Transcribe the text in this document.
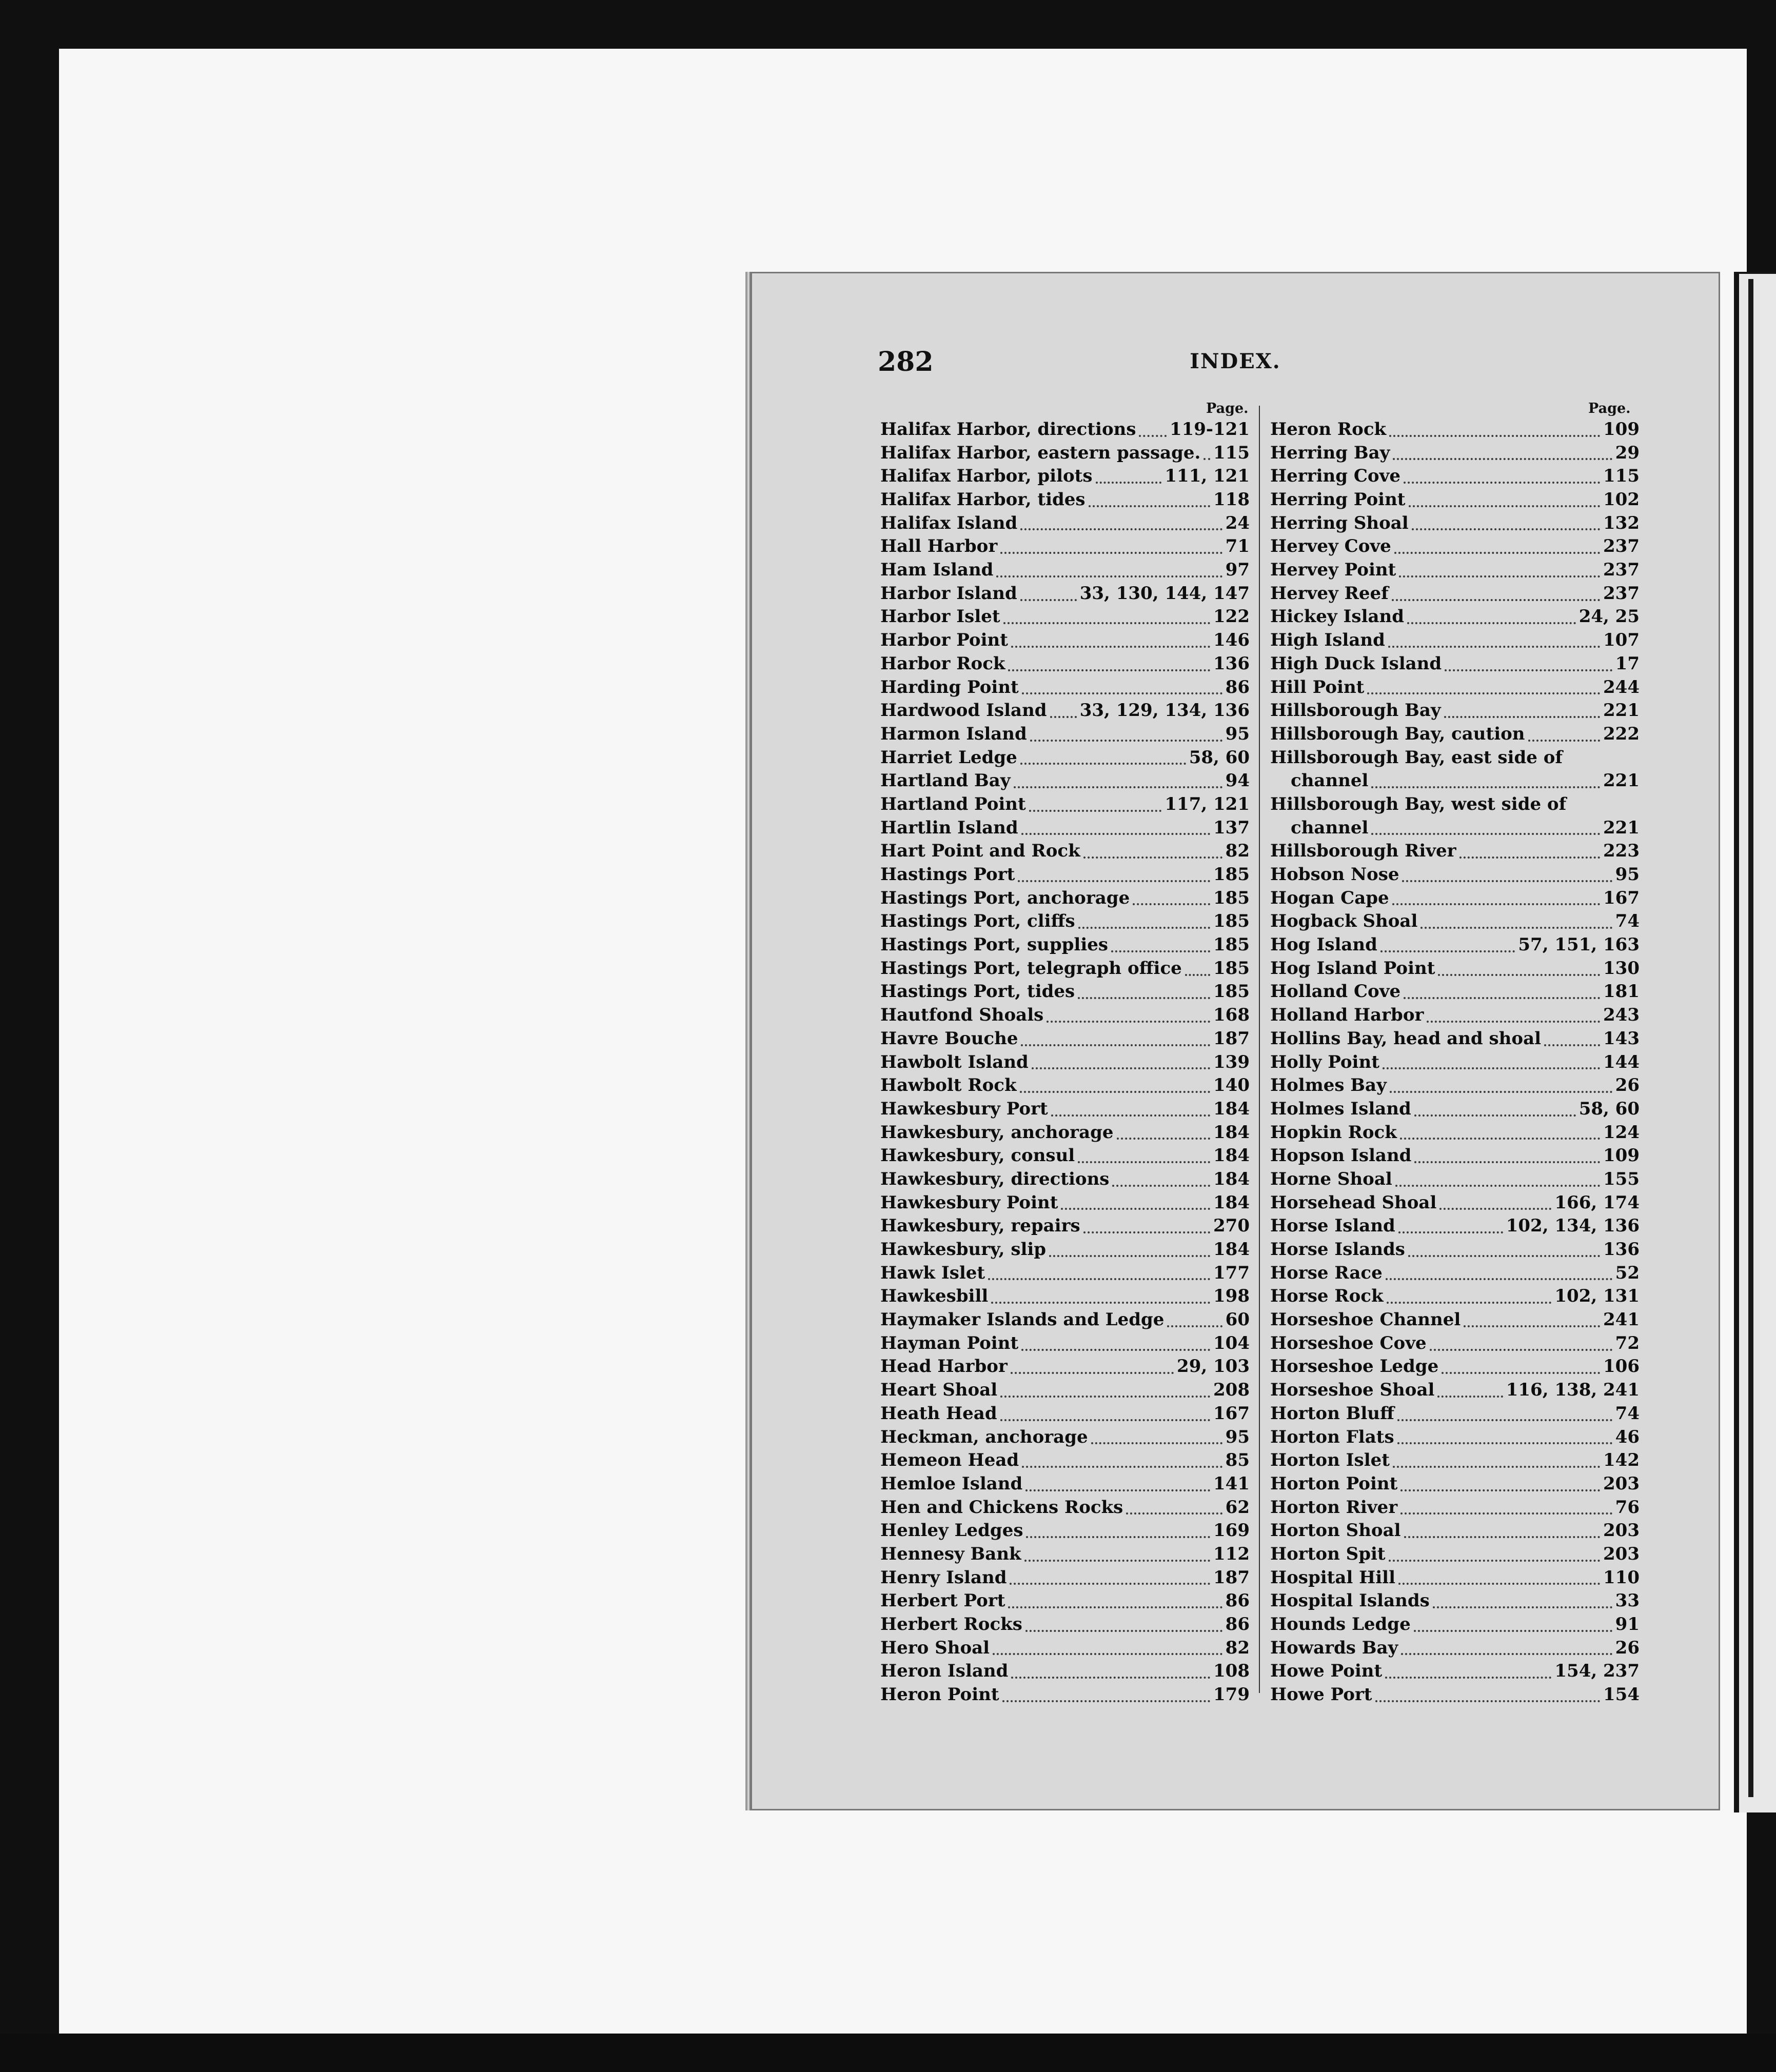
282	INDEX.
Page.	Page.
Halifax Harbor, directions 119-121
Halifax Harbor, eastern passage. 115
Halifax Harbor, pilots	111, 121
Halifax Harbor, tides	118
Halifax Island	24
Hall Harbor	71
Ham Island	97
Harbor Island	33, 130, 144, 147
Harbor Islet	122
Harbor Point	146
Harbor Rock	136
Harding Point	86
Hardwood Island 33, 129, 134, 136
Harmon Island	95
Harriet Ledge	58, 60
Hartland Bay	94
Hartland Point	117, 121
Hartlin Island	137
Hart Point and Rock	82
Hastings Port	185
Hastings Port, anchorage	185
Hastings Port, cliffs	185
Hastings Port, supplies	185
Hastings Port, telegraph office 185
Hastings Port, tides	185
Hautfond Shoals	168
Havre Bouche	187
Hawbolt Island	139
Hawbolt Rock	140
Hawkesbury Port	184
Hawkesbury, anchorage	184
Hawkesbury, consul	184
Hawkesbury, directions	184
Hawkesbury Point	184
Hawkesbury, repairs	270
Hawkesbury, slip	184
Hawk Islet	177
Hawkesbill	198
Haymaker Islands and Ledge	60
Hayman Point	104
Head Harbor	29, 103
Heart Shoal	208
Heath Head	167
Heckman, anchorage	95
Hemeon Head	85
Hemloe Island	141
Hen and Chickens Rocks	62
Henley Ledges	169
Hennesy Bank	112
Henry Island	187
Herbert Port	86
Herbert Rocks	86
Hero Shoal	82
Heron Island	108
Heron Point	179
Heron Rock	109
Herring Bay	29
Herring Cove	115
Herring Point	102
Herring Shoal	132
Hervey Cove	237
Hervey Point	237
Hervey Reef	237
Hickey Island	24, 25
High Island	107
High Duck Island	17
Hill Point	244
Hillsborough Bay	221
Hillsborough Bay, caution	222
Hillsborough Bay, east side of
channel	221
Hillsborough Bay, west side of
channel	221
Hillsborough River	223
Hobson Nose	95
Hogan Cape	167
Hogback Shoal	74
Hog Island	57, 151, 163
Hog Island Point	130
Holland Cove	181
Holland Harbor	243
Hollins Bay, head and shoal	143
Holly Point	144
Holmes Bay	26
Holmes Island	58, 60
Hopkin Rock	124
Hopson Island	109
Horne Shoal	155
Horsehead Shoal	166, 174
Horse Island	102, 134, 136
Horse Islands	136
Horse Race	52
Horse Rock	102, 131
Horseshoe Channel	241
Horseshoe Cove	72
Horseshoe Ledge	106
Horseshoe Shoal	116, 138, 241
Horton Bluff	74
Horton Flats	46
Horton Islet	142
Horton Point	203
Horton River	76
Horton Shoal	203
Horton Spit	203
Hospital Hill	110
Hospital Islands	33
Hounds Ledge	91
Howards Bay	26
Howe Point	154, 237
Howe Port	154
